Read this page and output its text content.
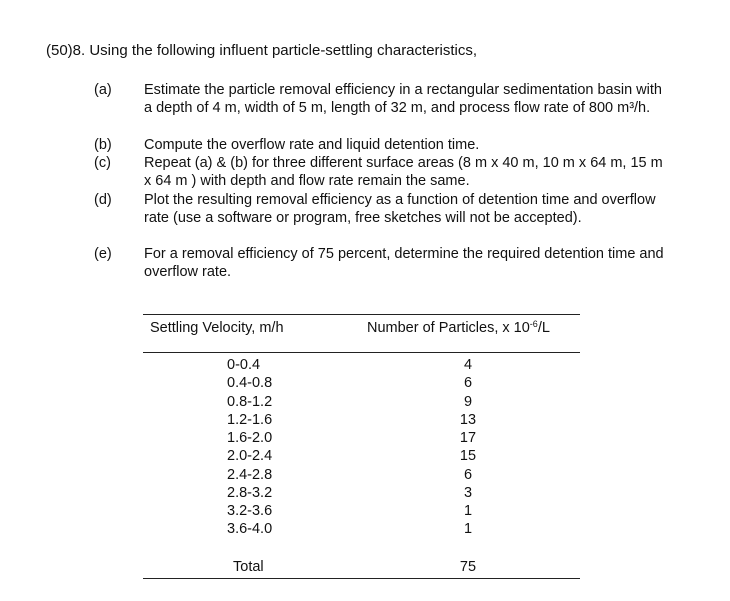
(50)8. Using the following influent particle-settling characteristics,
(a) Estimate the particle removal efficiency in a rectangular sedimentation basin with a depth of 4 m, width of 5 m, length of 32 m, and process flow rate of 800 m³/h.
(b) Compute the overflow rate and liquid detention time.
(c) Repeat (a) & (b) for three different surface areas (8 m x 40 m, 10 m x 64 m, 15 m x 64 m ) with depth and flow rate remain the same.
(d) Plot the resulting removal efficiency as a function of detention time and overflow rate (use a software or program, free sketches will not be accepted).
(e) For a removal efficiency of 75 percent, determine the required detention time and overflow rate.
Settling Velocity, m/h	Number of Particles, x $10^{-6}/L$
0-0.4	4
0.4-0.8	6
0.8-1.2	9
1.2-1.6	13
1.6-2.0	17
2.0-2.4	15
2.4-2.8	6
2.8-3.2	3
3.2-3.6	1
3.6-4.0	1
Total	75
